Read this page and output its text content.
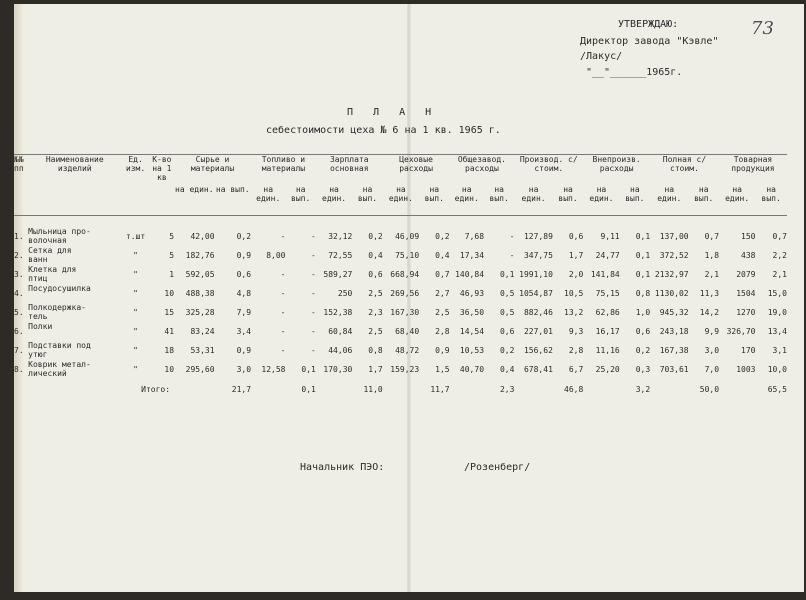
УТВЕРЖДАЮ:
Директор завода "Кэвле"
/Лакус/
"__"______1965г.
73
П Л А Н
себестоимости цеха № 6 на 1 кв. 1965 г.
№№ пп	Наименование изделий	Ед. изм.	К-во на 1 кв	Сырье и материалы		Топливо и материалы		Зарплата основная		Цеховые расходы		Общезавод. расходы		Производ. с/стоим.		Внепроизв. расходы		Полная с/стоим.		Товарная продукция	
				на един.	на вып.	на един.	на вып.	на един.	на вып.	на един.	на вып.	на един.	на вып.	на един.	на вып.	на един.	на вып.	на един.	на вып.	на един.	на вып.

1.	Мыльница про-
волочная	т.шт	5	42,00	0,2	-	-	32,12	0,2	46,09	0,2	7,68	-	127,89	0,6	9,11	0,1	137,00	0,7	150	0,7
2.	Сетка для
ванн	"	5	182,76	0,9	8,00	-	72,55	0,4	75,10	0,4	17,34	-	347,75	1,7	24,77	0,1	372,52	1,8	438	2,2
3.	Клетка для
птиц	"	1	592,05	0,6	-	-	589,27	0,6	668,94	0,7	140,84	0,1	1991,10	2,0	141,84	0,1	2132,97	2,1	2079	2,1
4.	Посудосушилка	"	10	488,38	4,8	-	-	250	2,5	269,56	2,7	46,93	0,5	1054,87	10,5	75,15	0,8	1130,02	11,3	1504	15,0
5.	Полкодержка-
тель	"	15	325,28	7,9	-	-	152,38	2,3	167,30	2,5	36,50	0,5	882,46	13,2	62,86	1,0	945,32	14,2	1270	19,0
6.	Полки	"	41	83,24	3,4	-	-	60,84	2,5	68,40	2,8	14,54	0,6	227,01	9,3	16,17	0,6	243,18	9,9	326,70	13,4
7.	Подставки под
утюг	"	18	53,31	0,9	-	-	44,06	0,8	48,72	0,9	10,53	0,2	156,62	2,8	11,16	0,2	167,38	3,0	170	3,1
8.	Коврик метал-
лический	"	10	295,60	3,0	12,58	0,1	170,30	1,7	159,23	1,5	40,70	0,4	678,41	6,7	25,20	0,3	703,61	7,0	1003	10,0
Итого:					21,7		0,1		11,0		11,7		2,3		46,8		3,2		50,0		65,5
Начальник ПЭО:	/Розенберг/
